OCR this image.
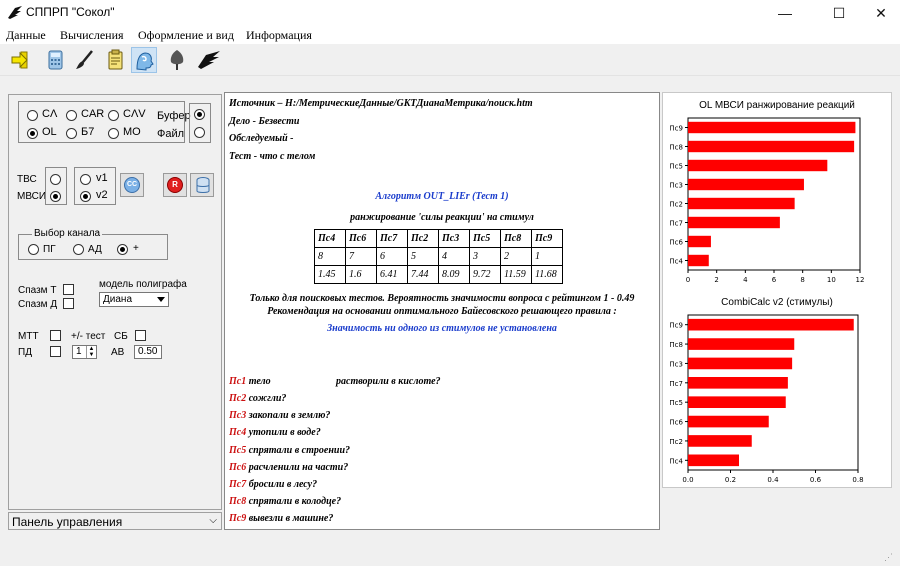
СППРП "Сокол"	—	☐	✕
Данные Вычисления Оформление и вид Информация
CΛ CAR CΛV
OL Б7	MO
Буфер
Файл
ТВС
МВСИ
v1
v2
CC	R
Выбор канала
ПГ	АД	+
Спазм Т
Спазм Д
модель полиграфа
Диана
МТТ	+/- тест СБ
ПД	1	▲
▼ АВ 0.50
Панель управления	⌵
Источник – H:/МетрическиеДанные/GKTДианаМетрика/поиск.htm
Дело - Безвести
Обследуемый -
Тест - что с телом
Алгоритм OUT_LIEr (Тест 1)
ранжирование 'силы реакции' на стимул
Пс4	Пс6	Пс7	Пс2	Пс3	Пс5	Пс8	Пс9
8	7	6	5	4	3	2	1
1.45	1.6	6.41	7.44	8.09	9.72	11.59	11.68
Только для поисковых тестов. Вероятность значимости вопроса с рейтингом 1 - 0.49
Рекомендация на основании оптимального Байесовского решающего правила :
Значимость ни одного из стимулов не установлена
Пс1 тело	растворили в кислоте?
Пс2 сожгли?
Пс3 закопали в землю?
Пс4 утопили в воде?
Пс5 спрятали в строении?
Пс6 расчленили на части?
Пс7 бросили в лесу?
Пс8 спрятали в колодце?
Пс9 вывезли в машине?
OL МВСИ ранжирование реакций
Пс9
Пс8
Пс5
Пс3
Пс2
Пс7
Пс6
Пс4
0	2	4	6	8	10	12
CombiCalc v2 (стимулы)
Пс9
Пс8
Пс3
Пс7
Пс5
Пс6
Пс2
Пс4
0.0	0.2	0.4	0.6	0.8
⋰
